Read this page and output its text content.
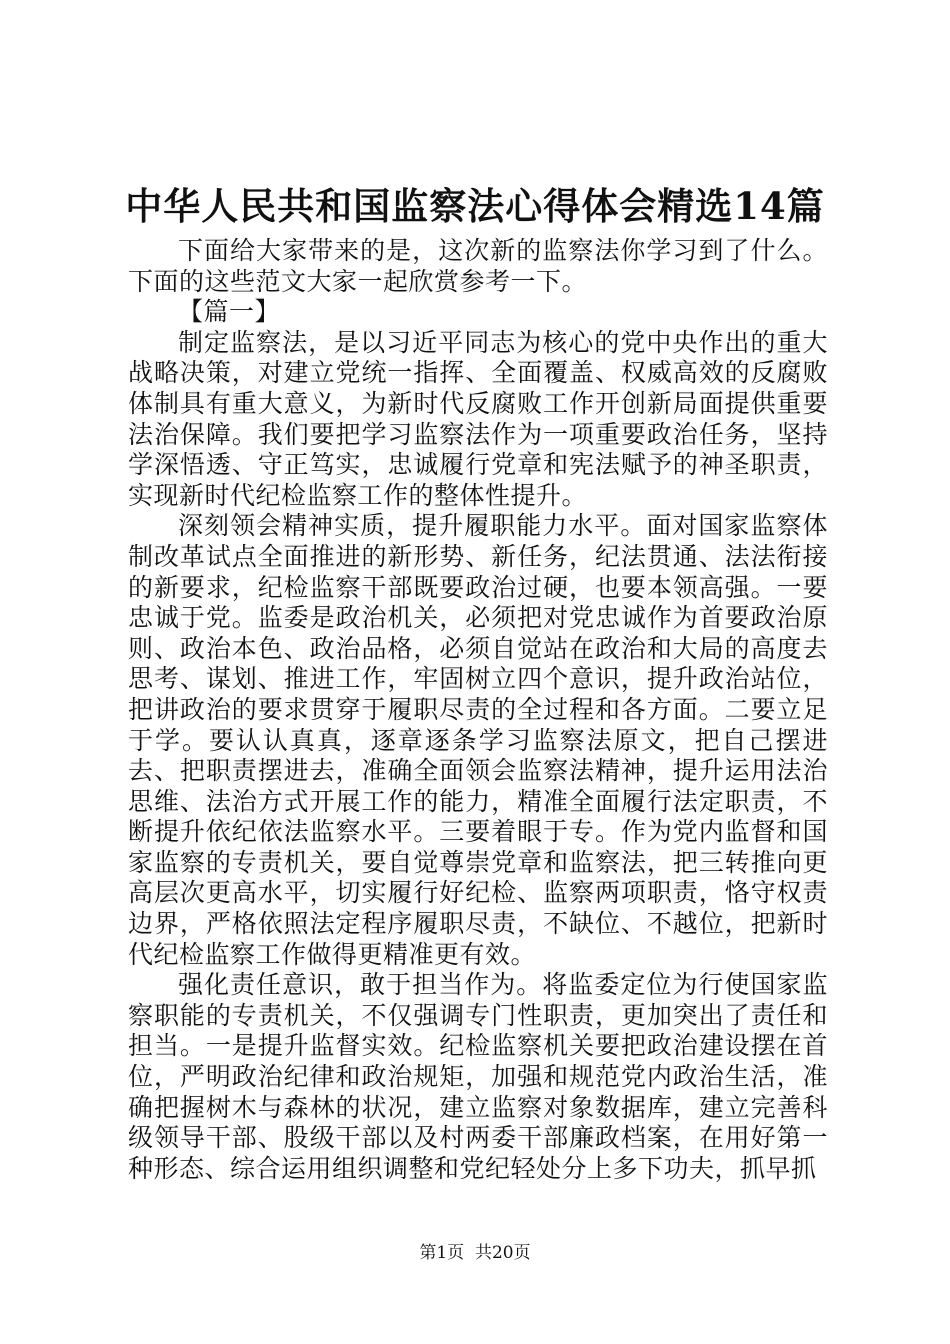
中华人民共和国监察法心得体会精选14篇

下面给大家带来的是，这次新的监察法你学习到了什么。下面的这些范文大家一起欣赏参考一下。

【篇一】

制定监察法，是以习近平同志为核心的党中央作出的重大战略决策，对建立党统一指挥、全面覆盖、权威高效的反腐败体制具有重大意义，为新时代反腐败工作开创新局面提供重要法治保障。我们要把学习监察法作为一项重要政治任务，坚持学深悟透、守正笃实，忠诚履行党章和宪法赋予的神圣职责，实现新时代纪检监察工作的整体性提升。

深刻领会精神实质，提升履职能力水平。面对国家监察体制改革试点全面推进的新形势、新任务，纪法贯通、法法衔接的新要求，纪检监察干部既要政治过硬，也要本领高强。一要忠诚于党。监委是政治机关，必须把对党忠诚作为首要政治原则、政治本色、政治品格，必须自觉站在政治和大局的高度去思考、谋划、推进工作，牢固树立四个意识，提升政治站位，把讲政治的要求贯穿于履职尽责的全过程和各方面。二要立足于学。要认认真真，逐章逐条学习监察法原文，把自己摆进去、把职责摆进去，准确全面领会监察法精神，提升运用法治思维、法治方式开展工作的能力，精准全面履行法定职责，不断提升依纪依法监察水平。三要着眼于专。作为党内监督和国家监察的专责机关，要自觉尊崇党章和监察法，把三转推向更高层次更高水平，切实履行好纪检、监察两项职责，恪守权责边界，严格依照法定程序履职尽责，不缺位、不越位，把新时代纪检监察工作做得更精准更有效。

强化责任意识，敢于担当作为。将监委定位为行使国家监察职能的专责机关，不仅强调专门性职责，更加突出了责任和担当。一是提升监督实效。纪检监察机关要把政治建设摆在首位，严明政治纪律和政治规矩，加强和规范党内政治生活，准确把握树木与森林的状况，建立监察对象数据库，建立完善科级领导干部、股级干部以及村两委干部廉政档案，在用好第一种形态、综合运用组织调整和党纪轻处分上多下功夫，抓早抓

第1页  共20页
